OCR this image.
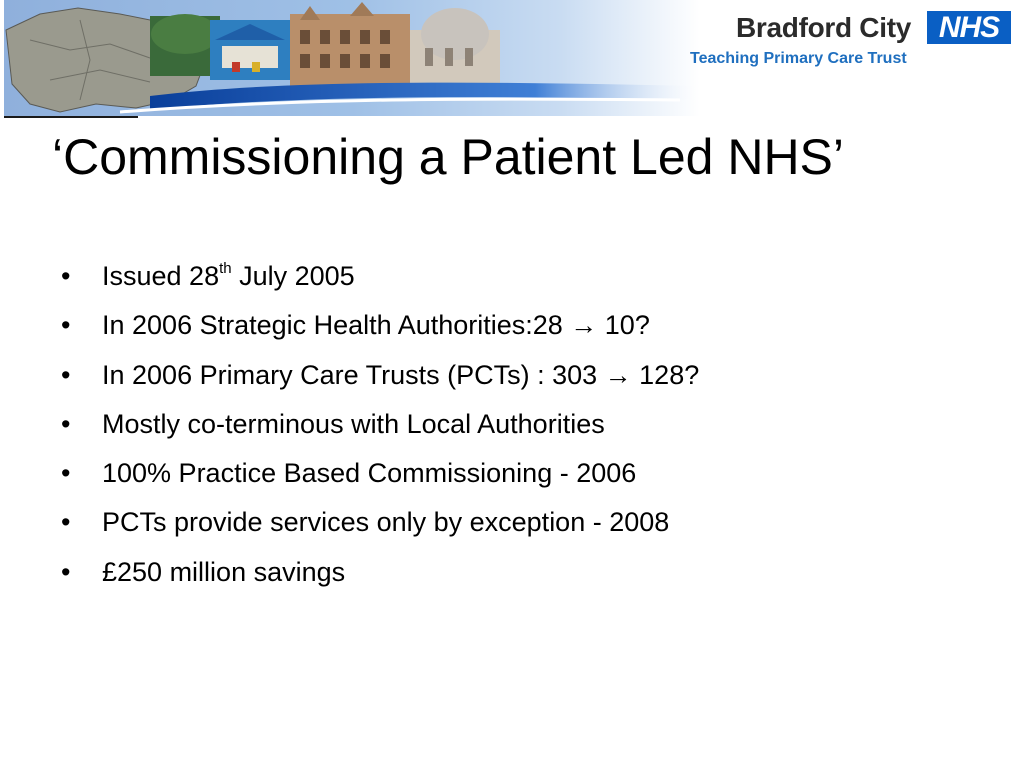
Bradford City NHS
Teaching Primary Care Trust
‘Commissioning a Patient Led NHS’
• Issued 28th July 2005
• In 2006 Strategic Health Authorities:28 → 10?
• In 2006 Primary Care Trusts (PCTs) : 303 → 128?
• Mostly co-terminous with Local Authorities
• 100% Practice Based Commissioning - 2006
• PCTs provide services only by exception - 2008
• £250 million savings
